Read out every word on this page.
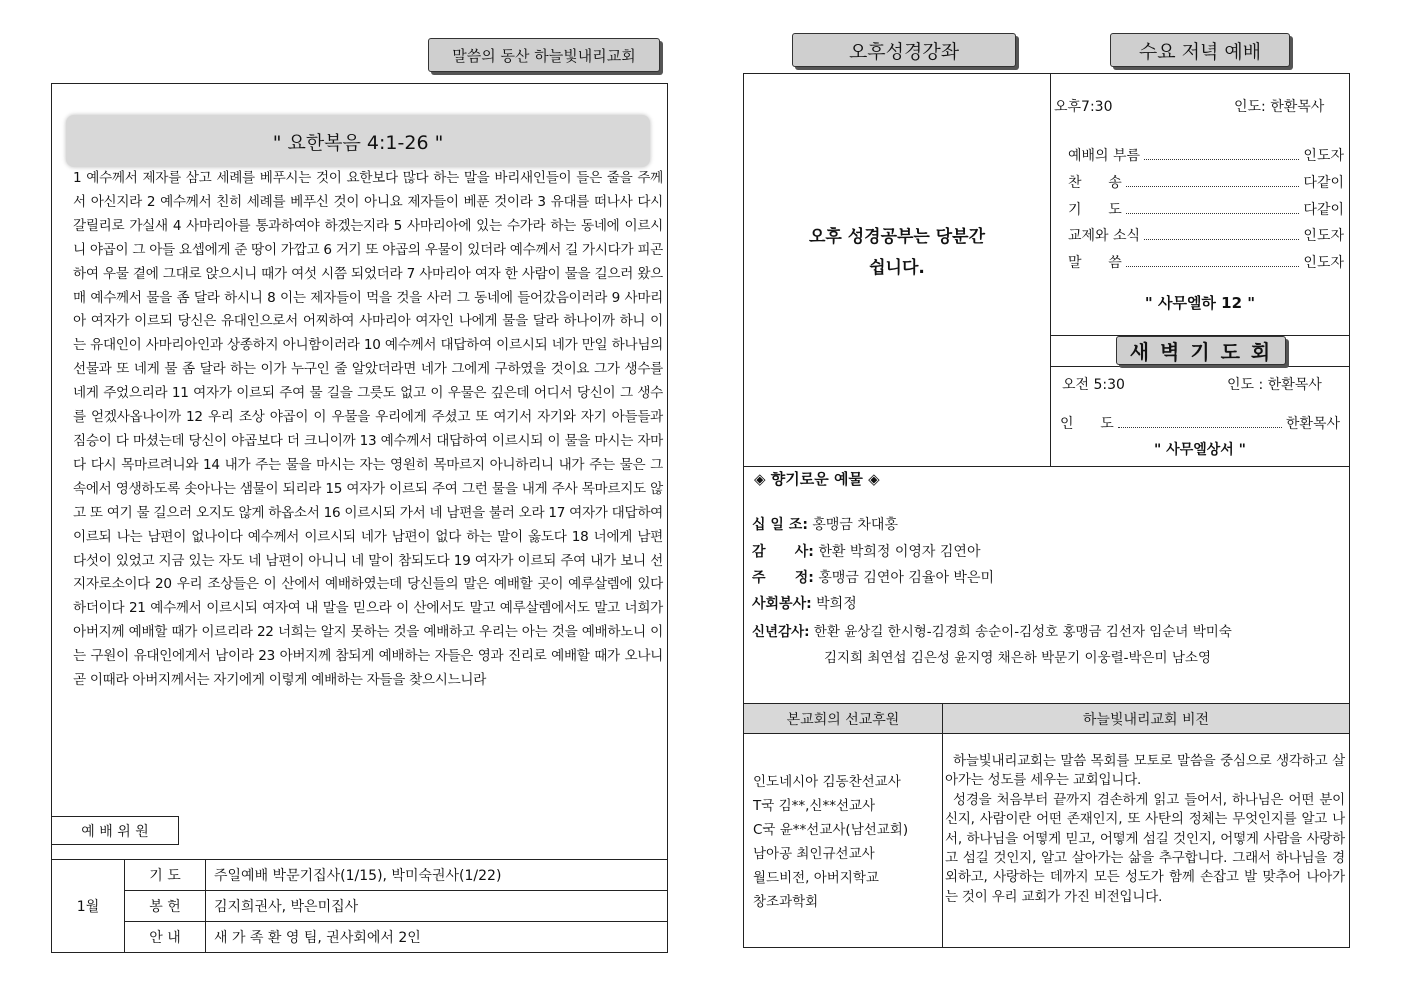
말씀의 동산 하늘빛내리교회
" 요한복음 4:1-26 "
1 예수께서 제자를 삼고 세례를 베푸시는 것이 요한보다 많다 하는 말을 바리새인들이 들은 줄을 주께서 아신지라 2 예수께서 친히 세례를 베푸신 것이 아니요 제자들이 베푼 것이라 3 유대를 떠나사 다시 갈릴리로 가실새 4 사마리아를 통과하여야 하겠는지라 5 사마리아에 있는 수가라 하는 동네에 이르시니 야곱이 그 아들 요셉에게 준 땅이 가깝고 6 거기 또 야곱의 우물이 있더라 예수께서 길 가시다가 피곤하여 우물 곁에 그대로 앉으시니 때가 여섯 시쯤 되었더라 7 사마리아 여자 한 사람이 물을 길으러 왔으매 예수께서 물을 좀 달라 하시니 8 이는 제자들이 먹을 것을 사러 그 동네에 들어갔음이러라 9 사마리아 여자가 이르되 당신은 유대인으로서 어찌하여 사마리아 여자인 나에게 물을 달라 하나이까 하니 이는 유대인이 사마리아인과 상종하지 아니함이러라 10 예수께서 대답하여 이르시되 네가 만일 하나님의 선물과 또 네게 물 좀 달라 하는 이가 누구인 줄 알았더라면 네가 그에게 구하였을 것이요 그가 생수를 네게 주었으리라 11 여자가 이르되 주여 물 길을 그릇도 없고 이 우물은 깊은데 어디서 당신이 그 생수를 얻겠사옵나이까 12 우리 조상 야곱이 이 우물을 우리에게 주셨고 또 여기서 자기와 자기 아들들과 짐승이 다 마셨는데 당신이 야곱보다 더 크니이까 13 예수께서 대답하여 이르시되 이 물을 마시는 자마다 다시 목마르려니와 14 내가 주는 물을 마시는 자는 영원히 목마르지 아니하리니 내가 주는 물은 그 속에서 영생하도록 솟아나는 샘물이 되리라 15 여자가 이르되 주여 그런 물을 내게 주사 목마르지도 않고 또 여기 물 길으러 오지도 않게 하옵소서 16 이르시되 가서 네 남편을 불러 오라 17 여자가 대답하여 이르되 나는 남편이 없나이다 예수께서 이르시되 네가 남편이 없다 하는 말이 옳도다 18 너에게 남편 다섯이 있었고 지금 있는 자도 네 남편이 아니니 네 말이 참되도다 19 여자가 이르되 주여 내가 보니 선지자로소이다 20 우리 조상들은 이 산에서 예배하였는데 당신들의 말은 예배할 곳이 예루살렘에 있다 하더이다 21 예수께서 이르시되 여자여 내 말을 믿으라 이 산에서도 말고 예루살렘에서도 말고 너희가 아버지께 예배할 때가 이르리라 22 너희는 알지 못하는 것을 예배하고 우리는 아는 것을 예배하노니 이는 구원이 유대인에게서 남이라 23 아버지께 참되게 예배하는 자들은 영과 진리로 예배할 때가 오나니 곧 이때라 아버지께서는 자기에게 이렇게 예배하는 자들을 찾으시느니라
예 배 위 원
1월	기 도	주일예배 박문기집사(1/15), 박미숙권사(1/22)
	봉 헌	김지희권사, 박은미집사
	안 내	새 가 족 환 영 팀, 권사회에서 2인
오후성경강좌	수요 저녁 예배
오후 성경공부는 당분간
쉽니다.
오후7:30	인도: 한환목사
예배의 부름	인도자
찬      송	다같이
기      도	다같이
교제와 소식	인도자
말      씀	인도자
" 사무엘하 12 "
새 벽 기 도 회
오전 5:30	인도 : 한환목사
인      도	한환목사
" 사무엘상서 "
◈ 향기로운 예물 ◈
십 일 조: 홍맹금 차대홍
감      사: 한환 박희정 이영자 김연아
주      정: 홍맹금 김연아 김율아 박은미
사회봉사: 박희정
신년감사: 한환 윤상길 한시형-김경희 송순이-김성호 홍맹금 김선자 임순녀 박미숙
김지희 최연섭 김은성 윤지영 채은하 박문기 이웅렬-박은미 남소영
본교회의 선교후원	하늘빛내리교회 비전
인도네시아 김동찬선교사
T국 김**,신**선교사
C국 윤**선교사(남선교회)
남아공 최인규선교사
월드비전, 아버지학교
창조과학회
하늘빛내리교회는 말씀 목회를 모토로 말씀을 중심으로 생각하고 살아가는 성도를 세우는 교회입니다.
성경을 처음부터 끝까지 겸손하게 읽고 들어서, 하나님은 어떤 분이신지, 사람이란 어떤 존재인지, 또 사탄의 정체는 무엇인지를 알고 나서, 하나님을 어떻게 믿고, 어떻게 섬길 것인지, 어떻게 사람을 사랑하고 섬길 것인지, 알고 살아가는 삶을 추구합니다. 그래서 하나님을 경외하고, 사랑하는 데까지 모든 성도가 함께 손잡고 발 맞추어 나아가는 것이 우리 교회가 가진 비전입니다.
